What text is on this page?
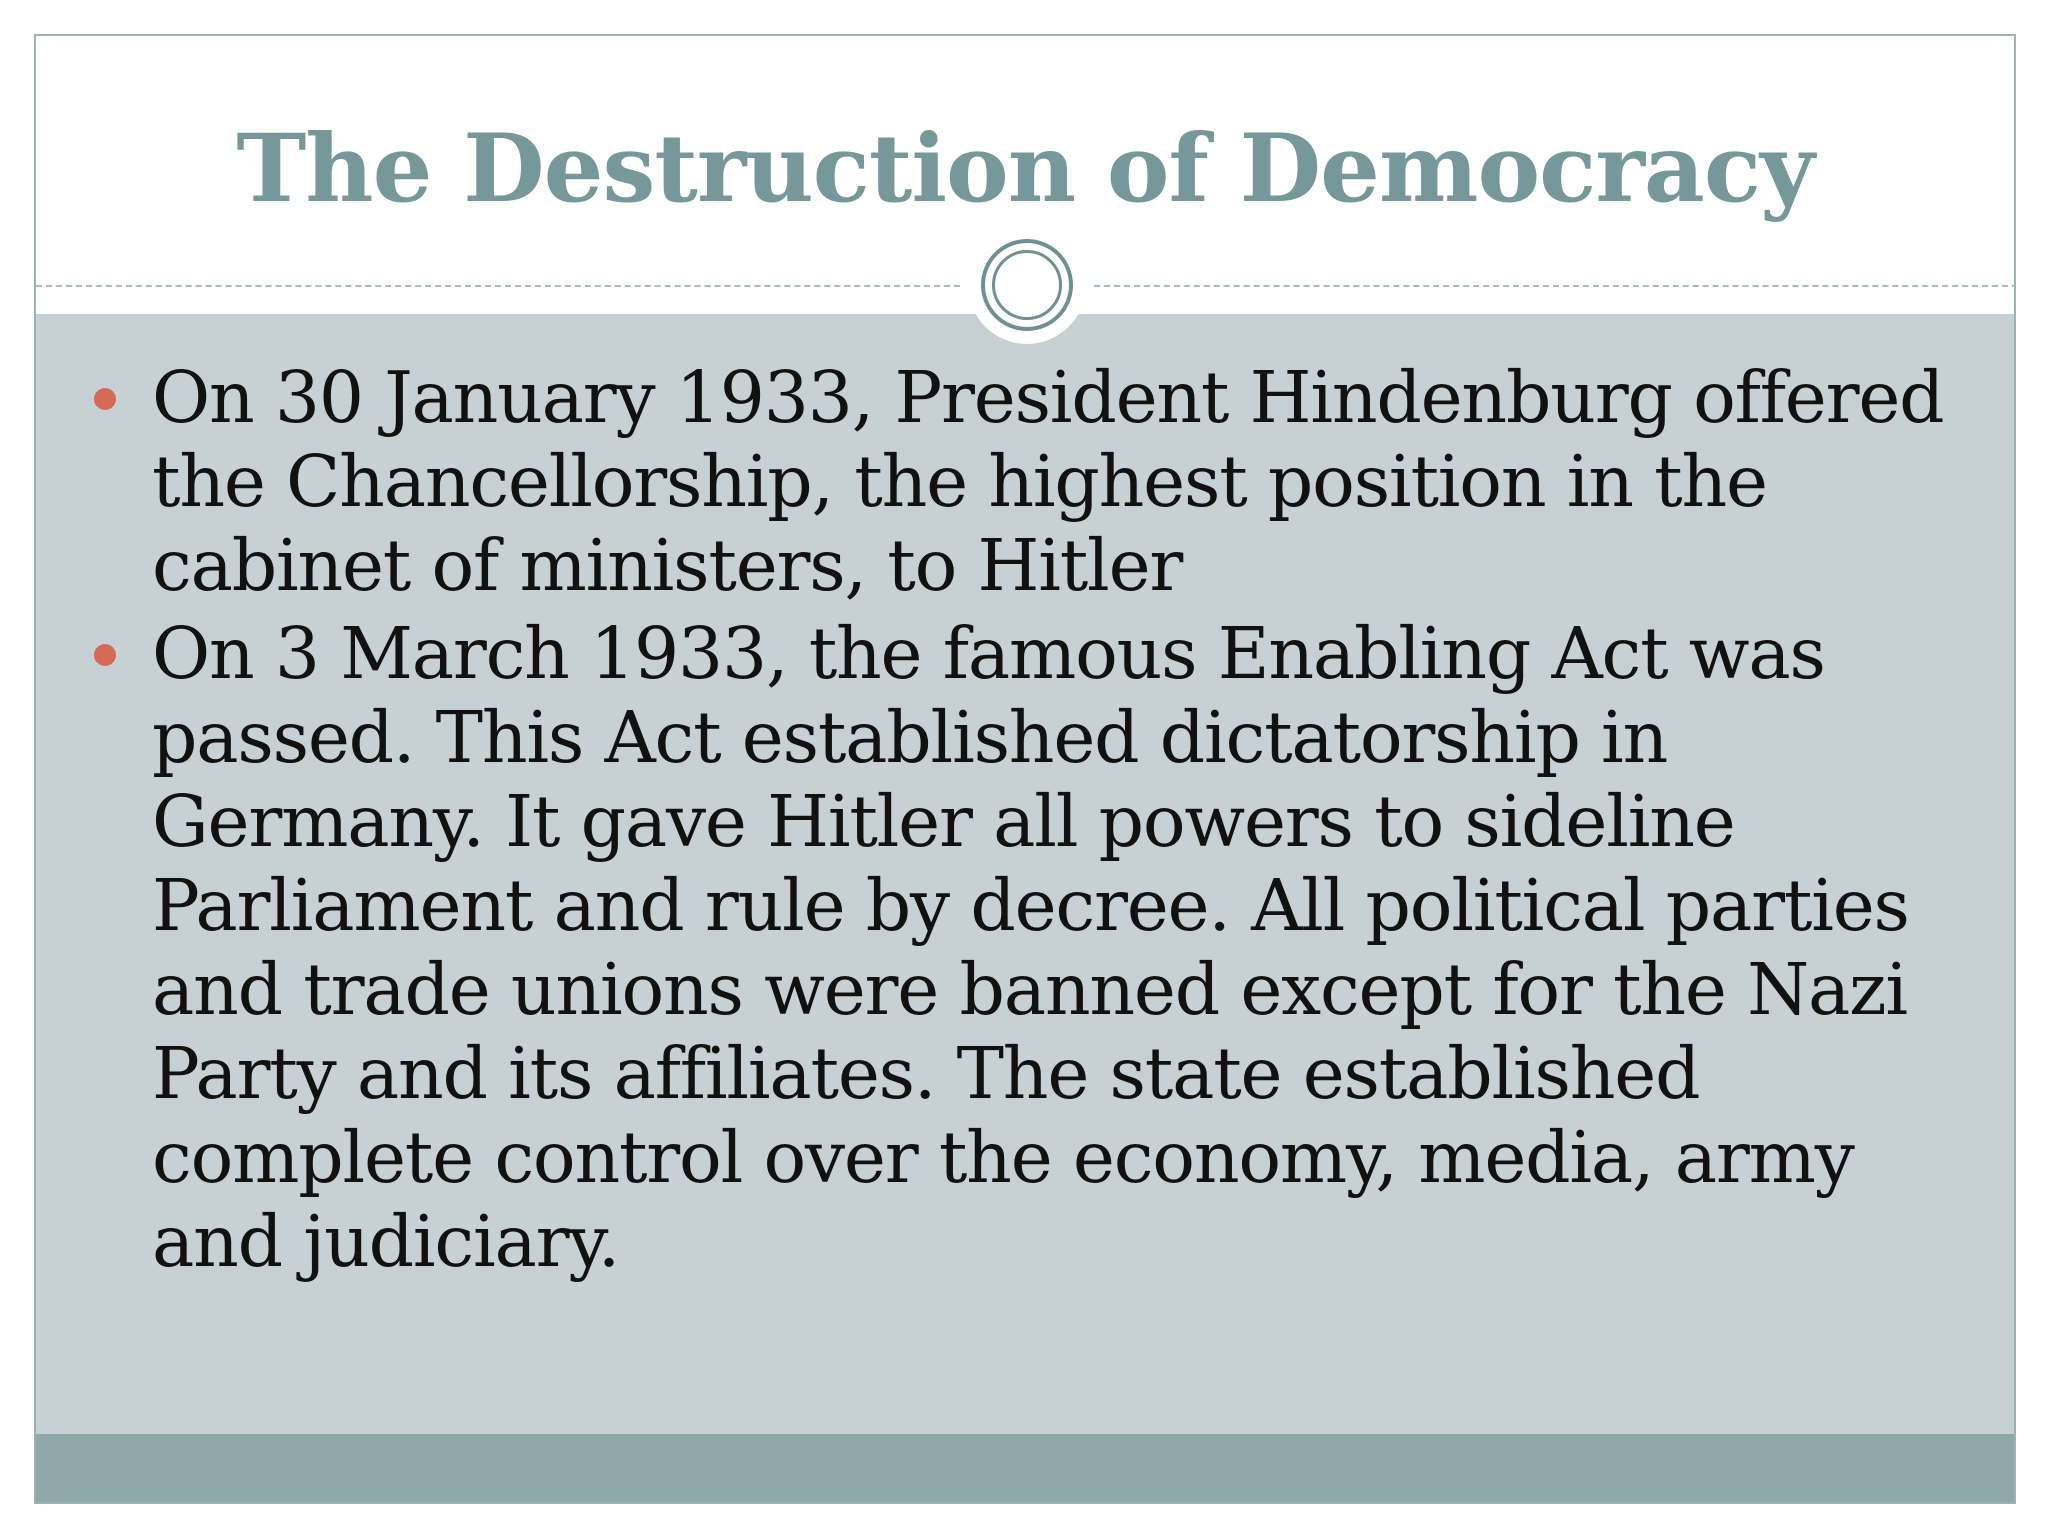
The Destruction of Democracy
On 30 January 1933, President Hindenburg offered the Chancellorship, the highest position in the cabinet of ministers, to Hitler
On 3 March 1933, the famous Enabling Act was passed. This Act established dictatorship in Germany. It gave Hitler all powers to sideline Parliament and rule by decree. All political parties and trade unions were banned except for the Nazi Party and its affiliates. The state established complete control over the economy, media, army and judiciary.
